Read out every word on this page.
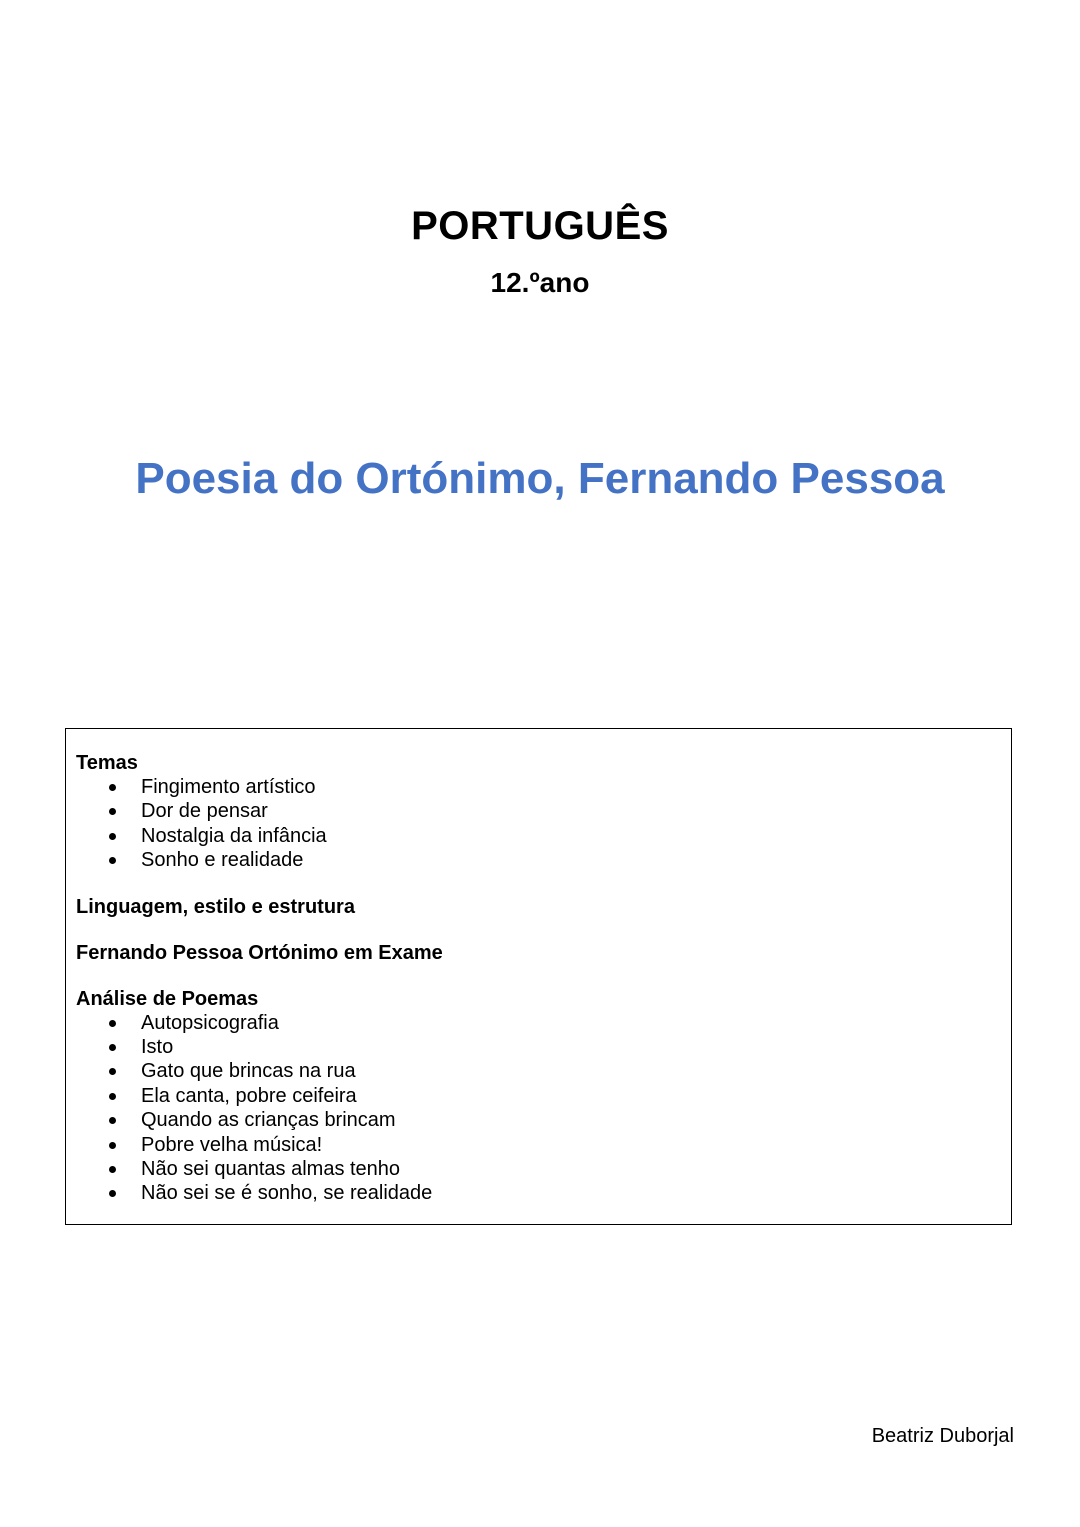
PORTUGUÊS
12.ºano
Poesia do Ortónimo, Fernando Pessoa
Temas
Fingimento artístico
Dor de pensar
Nostalgia da infância
Sonho e realidade
Linguagem, estilo e estrutura
Fernando Pessoa Ortónimo em Exame
Análise de Poemas
Autopsicografia
Isto
Gato que brincas na rua
Ela canta, pobre ceifeira
Quando as crianças brincam
Pobre velha música!
Não sei quantas almas tenho
Não sei se é sonho, se realidade
Beatriz Duborjal
